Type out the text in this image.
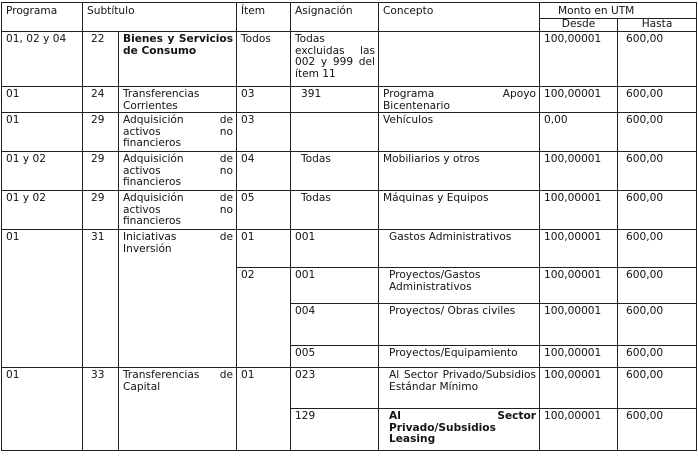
Programa	Subtítulo		Ítem	Asignación	Concepto	Monto en UTM	
						Desde	Hasta
01, 02 y 04	22	Bienes y Servicios de Consumo	Todos	Todas excluidas las 002 y 999 del ítem 11		100,00001	600,00
01	24	Transferencias Corrientes	03	391	Programa Apoyo Bicentenario	100,00001	600,00
01	29	Adquisición de activos no financieros	03		Vehículos	0,00	600,00
01 y 02	29	Adquisición de activos no financieros	04	Todas	Mobiliarios y otros	100,00001	600,00
01 y 02	29	Adquisición de activos no financieros	05	Todas	Máquinas y Equipos	100,00001	600,00
01	31	Iniciativas de Inversión	01	001	Gastos Administrativos	100,00001	600,00
			02	001	Proyectos/Gastos Administrativos	100,00001	600,00
				004	Proyectos/ Obras civiles	100,00001	600,00
				005	Proyectos/Equipamiento	100,00001	600,00
01	33	Transferencias de Capital	01	023	Al Sector Privado/Subsidios Estándar Mínimo	100,00001	600,00
				129	Al Sector Privado/Subsidios Leasing	100,00001	600,00
